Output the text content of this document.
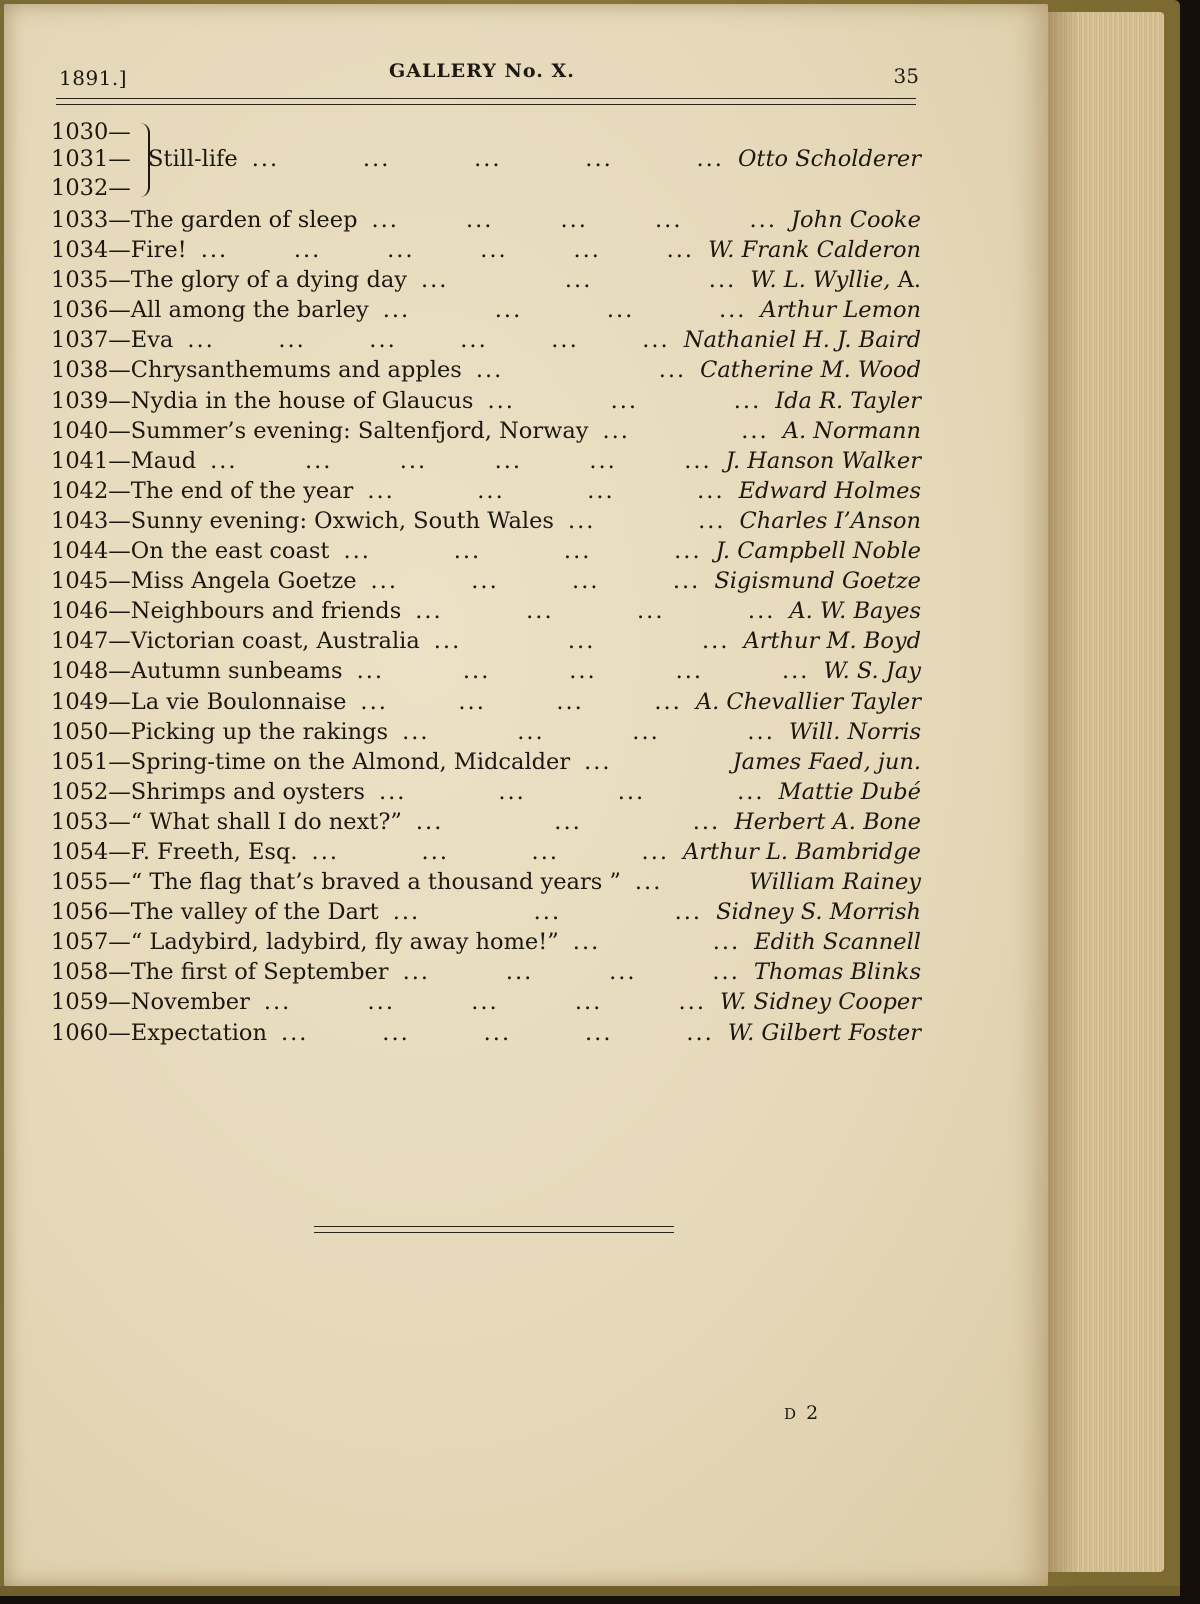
1891.]	GALLERY No. X.	35
1030—
1031—
1032—
Still-life	Otto Scholderer
...	...	...	...	...
1033—The garden of sleep	John Cooke
...	...	...	...	...
1034—Fire!	W. Frank Calderon
...	...	...	...	...	...
1035—The glory of a dying day	W. L. Wyllie, A.
...	...	...
1036—All among the barley	Arthur Lemon
...	...	...	...
1037—Eva	Nathaniel H. J. Baird
...	...	...	...	...	...
1038—Chrysanthemums and apples	Catherine M. Wood
...	...
1039—Nydia in the house of Glaucus	Ida R. Tayler
...	...	...
1040—Summer’s evening: Saltenfjord, Norway	A. Normann
...	...
1041—Maud	J. Hanson Walker
...	...	...	...	...	...
1042—The end of the year	Edward Holmes
...	...	...	...
1043—Sunny evening: Oxwich, South Wales	Charles I’Anson
...	...
1044—On the east coast	J. Campbell Noble
...	...	...	...
1045—Miss Angela Goetze	Sigismund Goetze
...	...	...	...
1046—Neighbours and friends	A. W. Bayes
...	...	...	...
1047—Victorian coast, Australia	Arthur M. Boyd
...	...	...
1048—Autumn sunbeams	W. S. Jay
...	...	...	...	...
1049—La vie Boulonnaise	A. Chevallier Tayler
...	...	...	...
1050—Picking up the rakings	Will. Norris
...	...	...	...
1051—Spring-time on the Almond, Midcalder	James Faed, jun.
...
1052—Shrimps and oysters	Mattie Dubé
...	...	...	...
1053—“ What shall I do next?”	Herbert A. Bone
...	...	...
1054—F. Freeth, Esq.	Arthur L. Bambridge
...	...	...	...
1055—“ The flag that’s braved a thousand years ”	William Rainey
...
1056—The valley of the Dart	Sidney S. Morrish
...	...	...
1057—“ Ladybird, ladybird, fly away home!”	Edith Scannell
...	...
1058—The first of September	Thomas Blinks
...	...	...	...
1059—November	W. Sidney Cooper
...	...	...	...	...
1060—Expectation	W. Gilbert Foster
...	...	...	...	...
D 2
